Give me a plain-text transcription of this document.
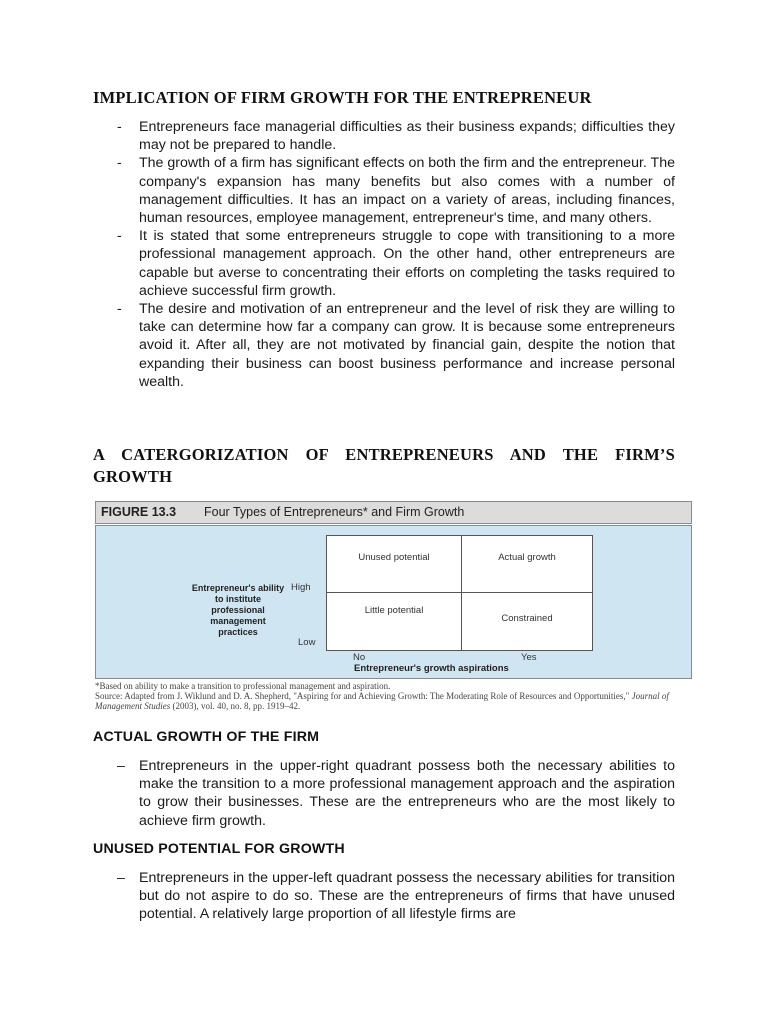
IMPLICATION OF FIRM GROWTH FOR THE ENTREPRENEUR
- Entrepreneurs face managerial difficulties as their business expands; difficulties they may not be prepared to handle.
- The growth of a firm has significant effects on both the firm and the entrepreneur. The company's expansion has many benefits but also comes with a number of management difficulties. It has an impact on a variety of areas, including finances, human resources, employee management, entrepreneur's time, and many others.
- It is stated that some entrepreneurs struggle to cope with transitioning to a more professional management approach. On the other hand, other entrepreneurs are capable but averse to concentrating their efforts on completing the tasks required to achieve successful firm growth.
- The desire and motivation of an entrepreneur and the level of risk they are willing to take can determine how far a company can grow. It is because some entrepreneurs avoid it. After all, they are not motivated by financial gain, despite the notion that expanding their business can boost business performance and increase personal wealth.
A CATERGORIZATION OF ENTREPRENEURS AND THE FIRM’S
GROWTH
FIGURE 13.3 Four Types of Entrepreneurs* and Firm Growth
Entrepreneur's ability to institute professional management practices
High
Low
Unused potential	Actual growth
Little potential
Constrained
No	Yes
Entrepreneur's growth aspirations
*Based on ability to make a transition to professional management and aspiration.
Source: Adapted from J. Wiklund and D. A. Shepherd, "Aspiring for and Achieving Growth: The Moderating Role of Resources and Opportunities," Journal of Management Studies (2003), vol. 40, no. 8, pp. 1919–42.
ACTUAL GROWTH OF THE FIRM
– Entrepreneurs in the upper-right quadrant possess both the necessary abilities to make the transition to a more professional management approach and the aspiration to grow their businesses. These are the entrepreneurs who are the most likely to achieve firm growth.
UNUSED POTENTIAL FOR GROWTH
– Entrepreneurs in the upper-left quadrant possess the necessary abilities for transition but do not aspire to do so. These are the entrepreneurs of firms that have unused potential. A relatively large proportion of all lifestyle firms are
